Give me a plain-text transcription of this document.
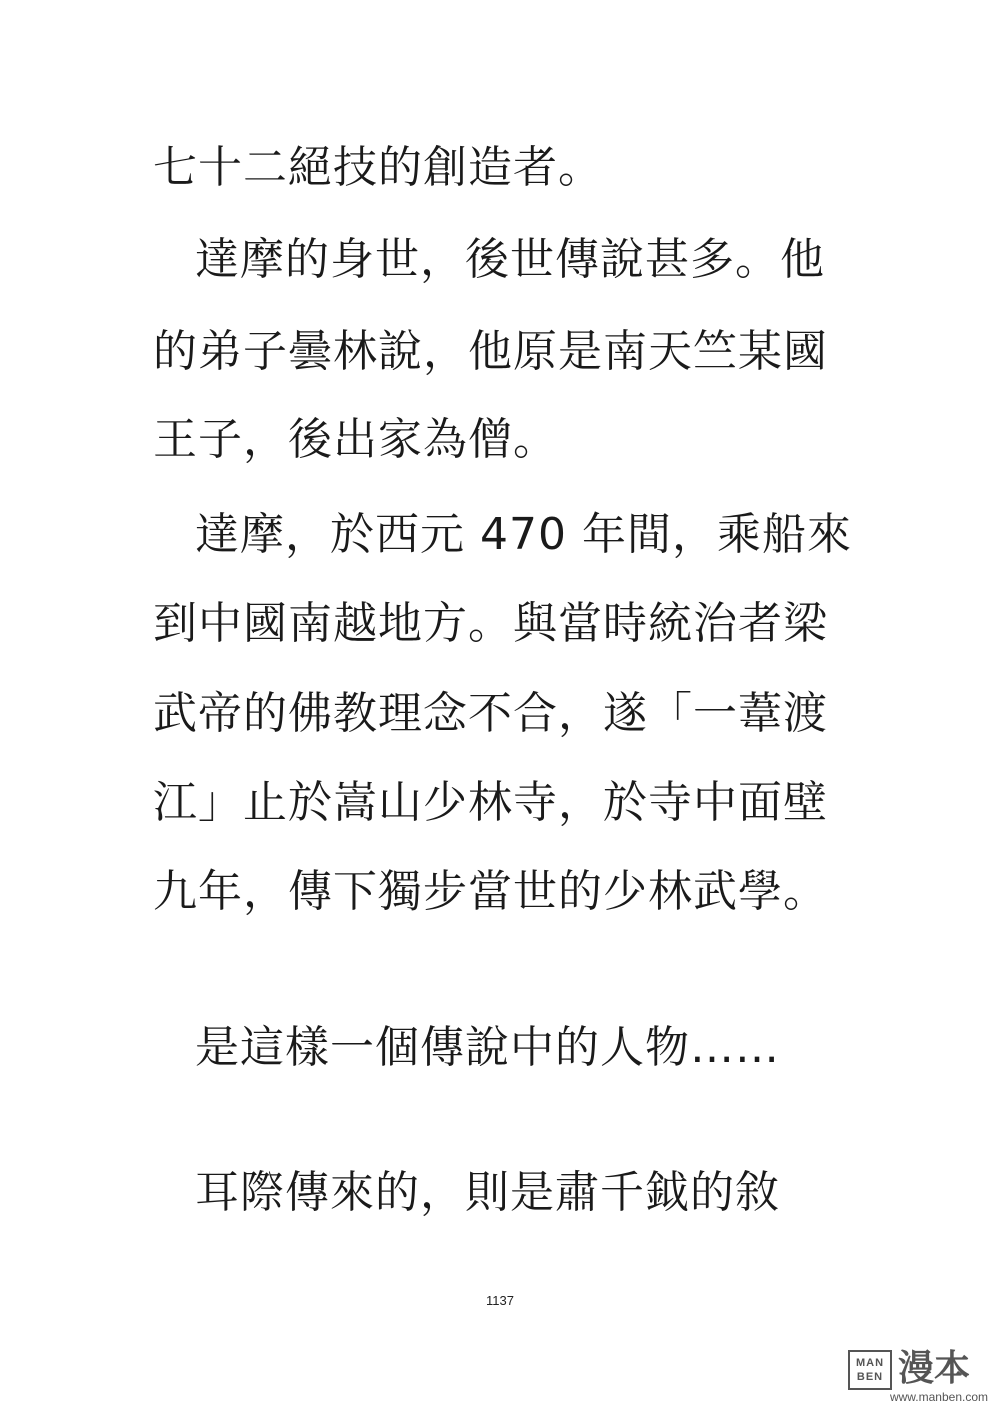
七十二絕技的創造者。
達摩的身世，後世傳說甚多。他
的弟子曇林說，他原是南天竺某國
王子，後出家為僧。
達摩，於西元 470 年間，乘船來
到中國南越地方。與當時統治者梁
武帝的佛教理念不合，遂「一葦渡
江」止於嵩山少林寺，於寺中面壁
九年，傳下獨步當世的少林武學。
是這樣一個傳說中的人物……
耳際傳來的，則是肅千鉞的敘
1137
MAN
BEN 漫本
www.manben.com
